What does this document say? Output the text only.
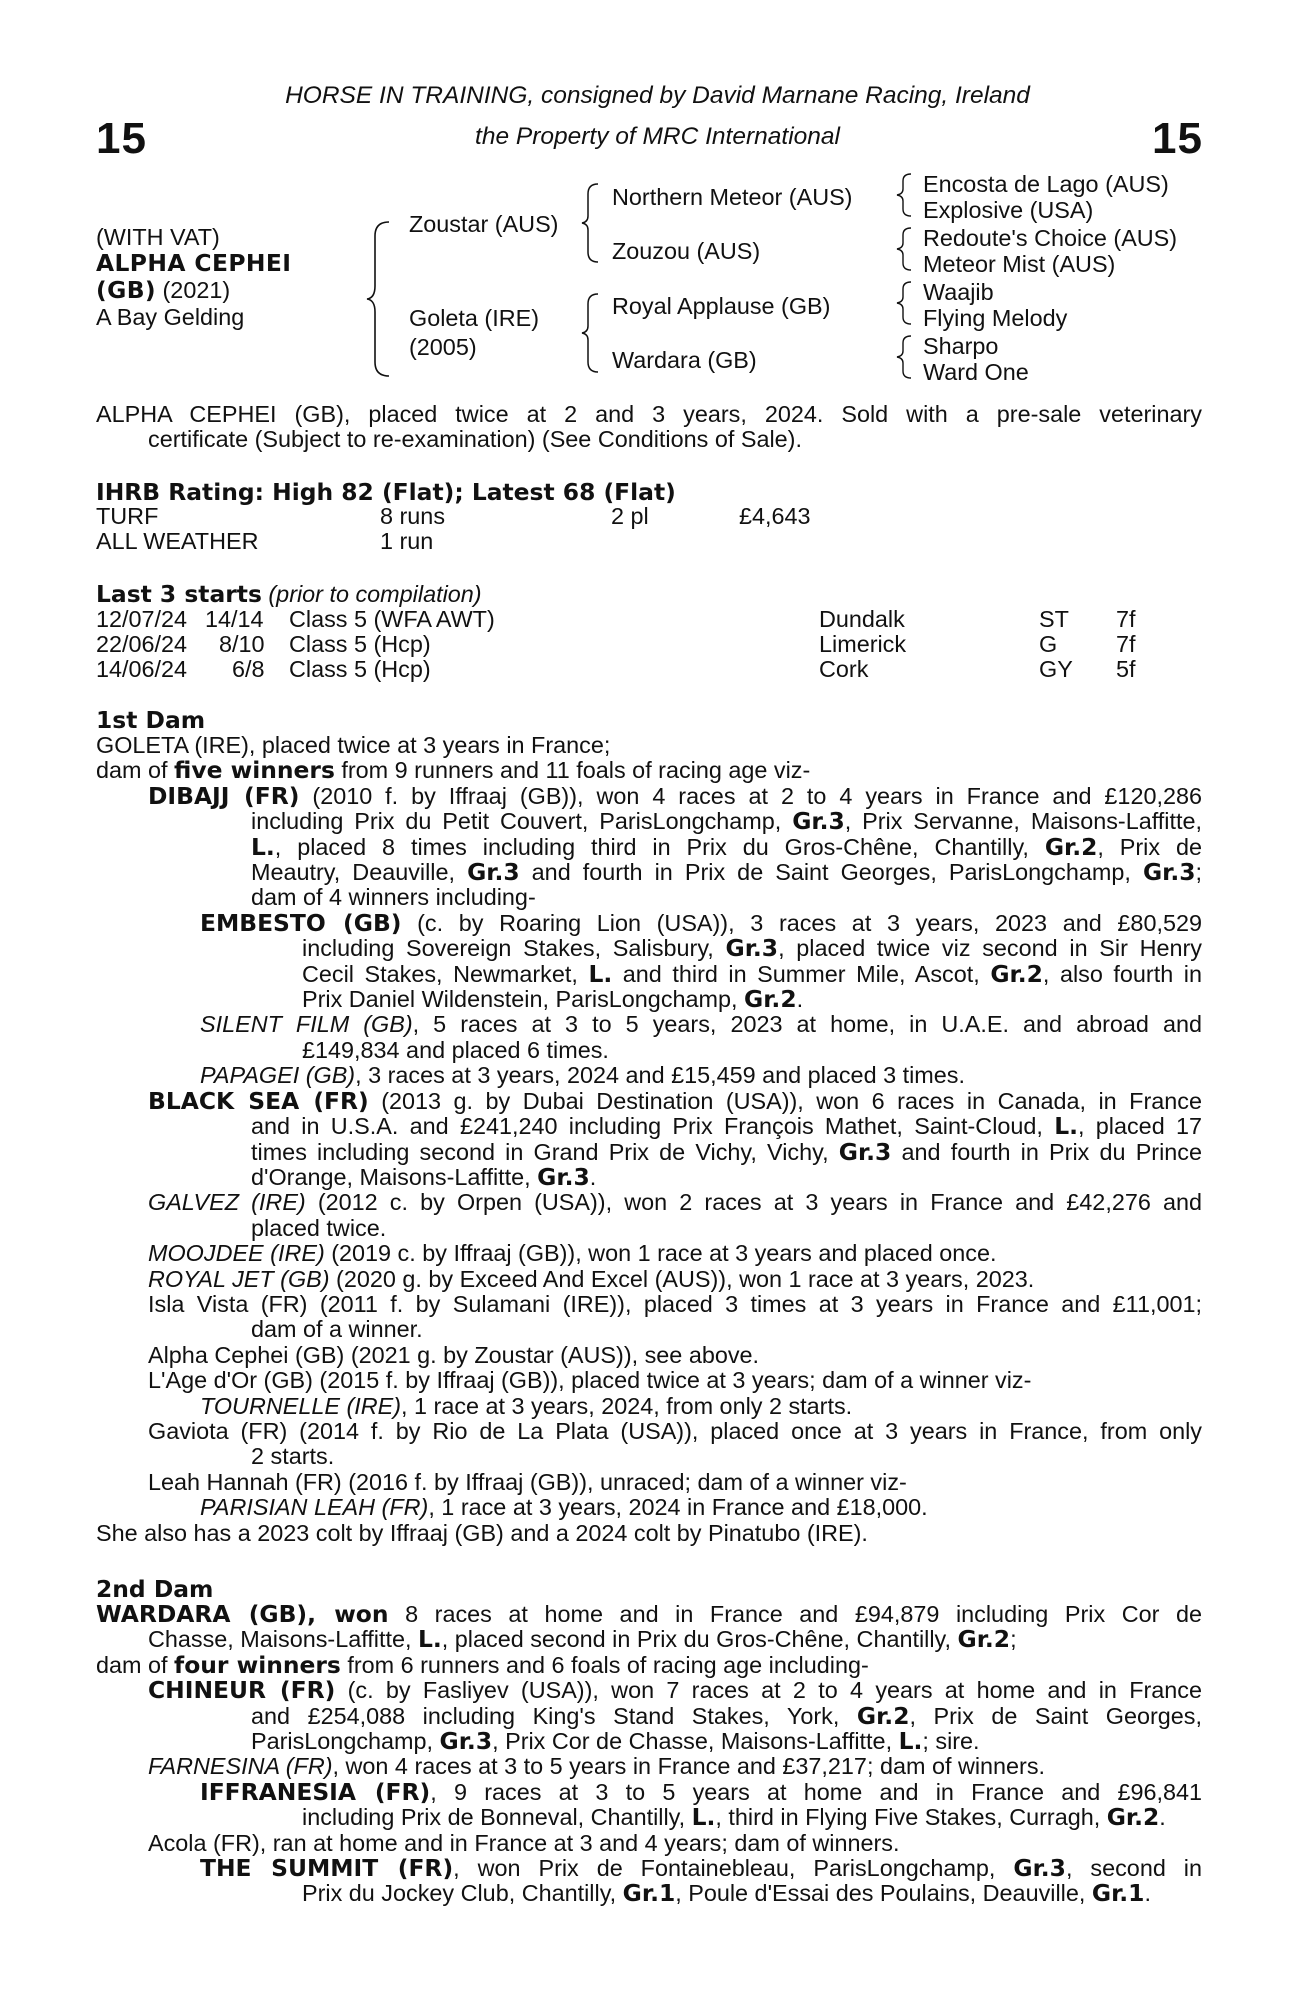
15	15
HORSE IN TRAINING, consigned by David Marnane Racing, Ireland
the Property of MRC International
(WITH VAT)
ALPHA CEPHEI
(GB) (2021)
A Bay Gelding
Zoustar (AUS)
Goleta (IRE)
(2005)
Northern Meteor (AUS)
Zouzou (AUS)
Royal Applause (GB)
Wardara (GB)
Encosta de Lago (AUS)
Explosive (USA)
Redoute's Choice (AUS)
Meteor Mist (AUS)
Waajib
Flying Melody
Sharpo
Ward One
ALPHA CEPHEI (GB), placed twice at 2 and 3 years, 2024. Sold with a pre-sale veterinary
certificate (Subject to re-examination) (See Conditions of Sale).
IHRB Rating: High 82 (Flat); Latest 68 (Flat)
TURF	8 runs	2 pl	£4,643
ALL WEATHER	1 run
Last 3 starts (prior to compilation)
12/07/24 14/14 Class 5 (WFA AWT)	Dundalk	ST 7f
22/06/24 8/10 Class 5 (Hcp)	Limerick	G	7f
14/06/24 6/8 Class 5 (Hcp)	Cork	GY 5f
1st Dam
GOLETA (IRE), placed twice at 3 years in France;
dam of five winners from 9 runners and 11 foals of racing age viz-
DIBAJJ (FR) (2010 f. by Iffraaj (GB)), won 4 races at 2 to 4 years in France and £120,286
including Prix du Petit Couvert, ParisLongchamp, Gr.3, Prix Servanne, Maisons-Laffitte,
L., placed 8 times including third in Prix du Gros-Chêne, Chantilly, Gr.2, Prix de
Meautry, Deauville, Gr.3 and fourth in Prix de Saint Georges, ParisLongchamp, Gr.3;
dam of 4 winners including-
EMBESTO (GB) (c. by Roaring Lion (USA)), 3 races at 3 years, 2023 and £80,529
including Sovereign Stakes, Salisbury, Gr.3, placed twice viz second in Sir Henry
Cecil Stakes, Newmarket, L. and third in Summer Mile, Ascot, Gr.2, also fourth in
Prix Daniel Wildenstein, ParisLongchamp, Gr.2.
SILENT FILM (GB), 5 races at 3 to 5 years, 2023 at home, in U.A.E. and abroad and
£149,834 and placed 6 times.
PAPAGEI (GB), 3 races at 3 years, 2024 and £15,459 and placed 3 times.
BLACK SEA (FR) (2013 g. by Dubai Destination (USA)), won 6 races in Canada, in France
and in U.S.A. and £241,240 including Prix François Mathet, Saint-Cloud, L., placed 17
times including second in Grand Prix de Vichy, Vichy, Gr.3 and fourth in Prix du Prince
d'Orange, Maisons-Laffitte, Gr.3.
GALVEZ (IRE) (2012 c. by Orpen (USA)), won 2 races at 3 years in France and £42,276 and
placed twice.
MOOJDEE (IRE) (2019 c. by Iffraaj (GB)), won 1 race at 3 years and placed once.
ROYAL JET (GB) (2020 g. by Exceed And Excel (AUS)), won 1 race at 3 years, 2023.
Isla Vista (FR) (2011 f. by Sulamani (IRE)), placed 3 times at 3 years in France and £11,001;
dam of a winner.
Alpha Cephei (GB) (2021 g. by Zoustar (AUS)), see above.
L'Age d'Or (GB) (2015 f. by Iffraaj (GB)), placed twice at 3 years; dam of a winner viz-
TOURNELLE (IRE), 1 race at 3 years, 2024, from only 2 starts.
Gaviota (FR) (2014 f. by Rio de La Plata (USA)), placed once at 3 years in France, from only
2 starts.
Leah Hannah (FR) (2016 f. by Iffraaj (GB)), unraced; dam of a winner viz-
PARISIAN LEAH (FR), 1 race at 3 years, 2024 in France and £18,000.
She also has a 2023 colt by Iffraaj (GB) and a 2024 colt by Pinatubo (IRE).
2nd Dam
WARDARA (GB), won 8 races at home and in France and £94,879 including Prix Cor de
Chasse, Maisons-Laffitte, L., placed second in Prix du Gros-Chêne, Chantilly, Gr.2;
dam of four winners from 6 runners and 6 foals of racing age including-
CHINEUR (FR) (c. by Fasliyev (USA)), won 7 races at 2 to 4 years at home and in France
and £254,088 including King's Stand Stakes, York, Gr.2, Prix de Saint Georges,
ParisLongchamp, Gr.3, Prix Cor de Chasse, Maisons-Laffitte, L.; sire.
FARNESINA (FR), won 4 races at 3 to 5 years in France and £37,217; dam of winners.
IFFRANESIA (FR), 9 races at 3 to 5 years at home and in France and £96,841
including Prix de Bonneval, Chantilly, L., third in Flying Five Stakes, Curragh, Gr.2.
Acola (FR), ran at home and in France at 3 and 4 years; dam of winners.
THE SUMMIT (FR), won Prix de Fontainebleau, ParisLongchamp, Gr.3, second in
Prix du Jockey Club, Chantilly, Gr.1, Poule d'Essai des Poulains, Deauville, Gr.1.
